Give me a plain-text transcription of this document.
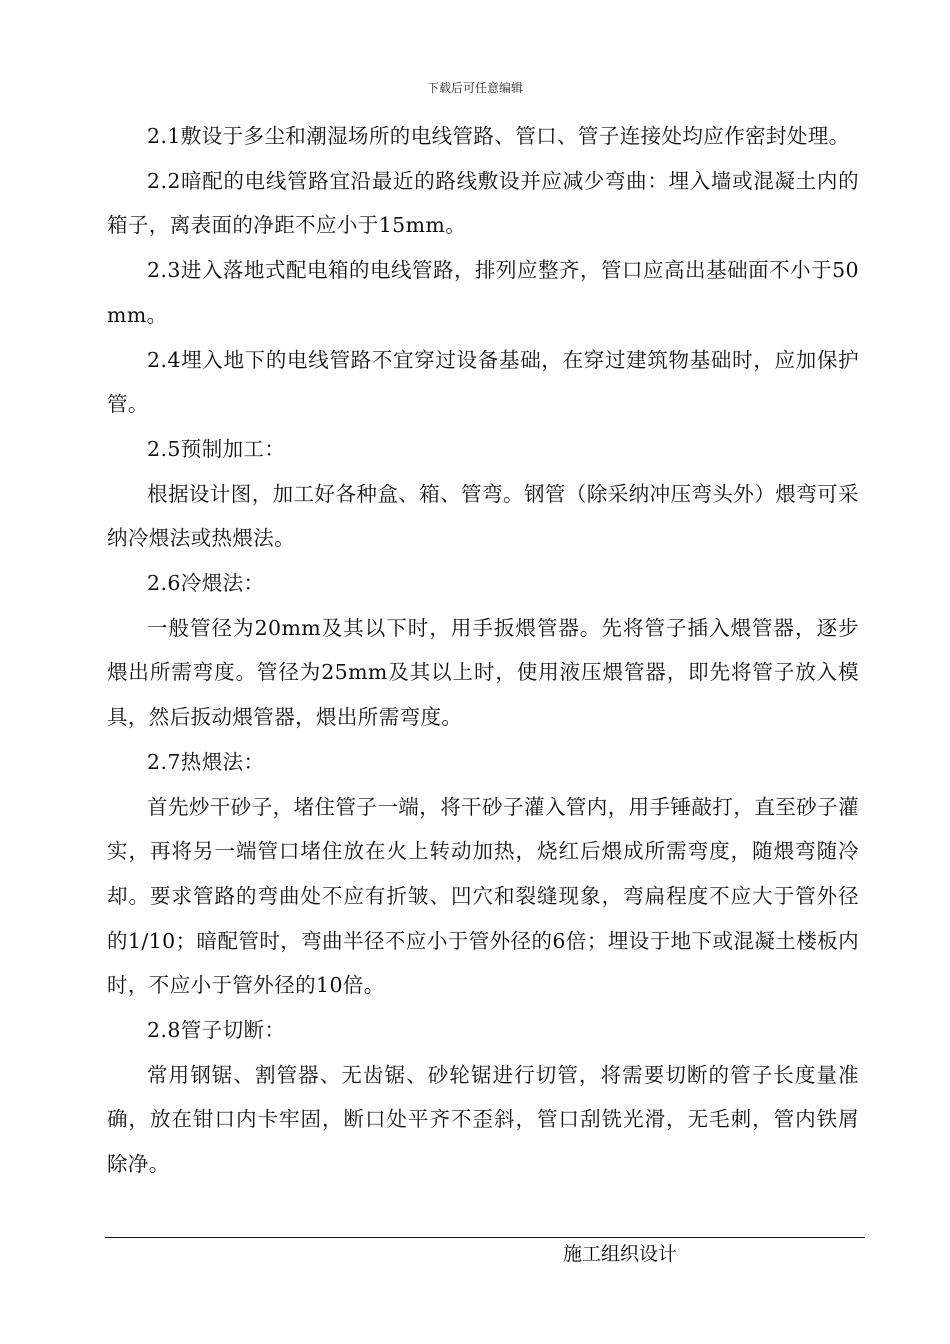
下载后可任意编辑

2.1敷设于多尘和潮湿场所的电线管路、管口、管子连接处均应作密封处理。

2.2暗配的电线管路宜沿最近的路线敷设并应减少弯曲：埋入墙或混凝土内的箱子，离表面的净距不应小于15mm。

2.3进入落地式配电箱的电线管路，排列应整齐，管口应高出基础面不小于50mm。

2.4埋入地下的电线管路不宜穿过设备基础，在穿过建筑物基础时，应加保护管。

2.5预制加工：

根据设计图，加工好各种盒、箱、管弯。钢管（除采纳冲压弯头外）煨弯可采纳冷煨法或热煨法。

2.6冷煨法：

一般管径为20mm及其以下时，用手扳煨管器。先将管子插入煨管器，逐步煨出所需弯度。管径为25mm及其以上时，使用液压煨管器，即先将管子放入模具，然后扳动煨管器，煨出所需弯度。

2.7热煨法：

首先炒干砂子，堵住管子一端，将干砂子灌入管内，用手锤敲打，直至砂子灌实，再将另一端管口堵住放在火上转动加热，烧红后煨成所需弯度，随煨弯随冷却。要求管路的弯曲处不应有折皱、凹穴和裂缝现象，弯扁程度不应大于管外径的1/10；暗配管时，弯曲半径不应小于管外径的6倍；埋设于地下或混凝土楼板内时，不应小于管外径的10倍。

2.8管子切断：

常用钢锯、割管器、无齿锯、砂轮锯进行切管，将需要切断的管子长度量准确，放在钳口内卡牢固，断口处平齐不歪斜，管口刮铣光滑，无毛刺，管内铁屑除净。

施工组织设计
